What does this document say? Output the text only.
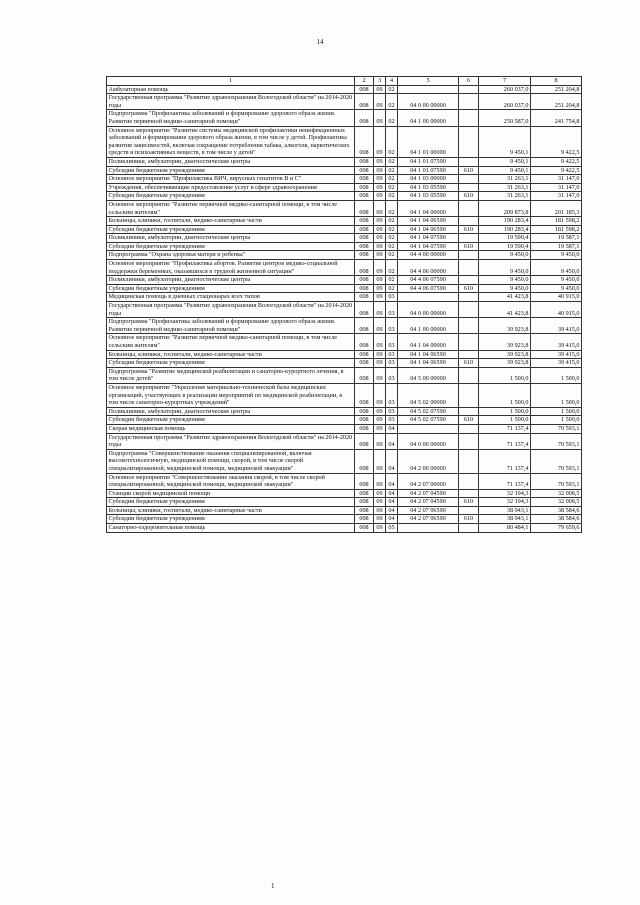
14
1	2	3	4	5	6	7	8
Амбулаторная помощь	008	09	02			260 037,0	251 204,8
Государственная программа "Развитие здравоохранения Вологодской области" на 2014-2020 годы	008	09	02	04 0 00 00000		260 037,0	251 204,8
Подпрограмма "Профилактика заболеваний и формирование здорового образа жизни. Развитие первичной медико-санитарной помощи"	008	09	02	04 1 00 00000		250 587,0	241 754,8
Основное мероприятие "Развитие системы медицинской профилактики неинфекционных заболеваний и формирования здорового образа жизни, в том числе у детей. Профилактика развития зависимостей, включая сокращение потребления табака, алкоголя, наркотических средств и психоактивных веществ, в том числе у детей"	008	09	02	04 1 01 00000		9 450,1	9 422,5
Поликлиники, амбулатории, диагностические центры	008	09	02	04 1 01 07590		9 450,1	9 422,5
Субсидии бюджетным учреждениям	008	09	02	04 1 01 07590	610	9 450,1	9 422,5
Основное мероприятие "Профилактика ВИЧ, вирусных гепатитов В и С"	008	09	02	04 1 03 00000		31 263,1	31 147,0
Учреждения, обеспечивающие предоставление услуг в сфере здравоохранения	008	09	02	04 1 03 05590		31 263,1	31 147,0
Субсидии бюджетным учреждениям	008	09	02	04 1 03 05590	610	31 263,1	31 147,0
Основное мероприятие "Развитие первичной медико-санитарной помощи, в том числе сельским жителям"	008	09	02	04 1 04 00000		209 873,8	201 185,3
Больницы, клиники, госпитали, медико-санитарные части	008	09	02	04 1 04 06590		190 283,4	181 598,2
Субсидии бюджетным учреждениям	008	09	02	04 1 04 06590	610	190 283,4	181 598,2
Поликлиники, амбулатории, диагностические центры	008	09	02	04 1 04 07590		19 590,4	19 587,1
Субсидии бюджетным учреждениям	008	09	02	04 1 04 07590	610	19 590,4	19 587,1
Подпрограмма "Охрана здоровья матери и ребенка"	008	09	02	04 4 00 00000		9 450,0	9 450,0
Основное мероприятие "Профилактика абортов. Развитие центров медико-социальной поддержки беременных, оказавшихся в трудной жизненной ситуации"	008	09	02	04 4 06 00000		9 450,0	9 450,0
Поликлиники, амбулатории, диагностические центры	008	09	02	04 4 06 07590		9 450,0	9 450,0
Субсидии бюджетным учреждениям	008	09	02	04 4 06 07590	610	9 450,0	9 450,0
Медицинская помощь в дневных стационарах всех типов	008	09	03			41 423,8	40 915,0
Государственная программа "Развитие здравоохранения Вологодской области" на 2014-2020 годы	008	09	03	04 0 00 00000		41 423,8	40 915,0
Подпрограмма "Профилактика заболеваний и формирование здорового образа жизни. Развитие первичной медико-санитарной помощи"	008	09	03	04 1 00 00000		39 923,8	39 415,0
Основное мероприятие "Развитие первичной медико-санитарной помощи, в том числе сельским жителям"	008	09	03	04 1 04 00000		39 923,8	39 415,0
Больницы, клиники, госпитали, медико-санитарные части	008	09	03	04 1 04 06590		39 923,8	39 415,0
Субсидии бюджетным учреждениям	008	09	03	04 1 04 06590	610	39 923,8	39 415,0
Подпрограмма "Развитие медицинской реабилитации и санаторно-курортного лечения, в том числе детей"	008	09	03	04 5 00 00000		1 500,0	1 500,0
Основное мероприятие "Укрепление материально-технической базы медицинских организаций, участвующих в реализации мероприятий по медицинской реабилитации, в том числе санаторно-курортных учреждений"	008	09	03	04 5 02 00000		1 500,0	1 500,0
Поликлиники, амбулатории, диагностические центры	008	09	03	04 5 02 07590		1 500,0	1 500,0
Субсидии бюджетным учреждениям	008	09	03	04 5 02 07590	610	1 500,0	1 500,0
Скорая медицинская помощь	008	09	04			71 137,4	70 593,1
Государственная программа "Развитие здравоохранения Вологодской области" на 2014-2020 годы	008	09	04	04 0 00 00000		71 137,4	70 593,1
Подпрограмма "Совершенствование оказания специализированной, включая высокотехнологичную, медицинской помощи, скорой, в том числе скорой специализированной, медицинской помощи, медицинской эвакуации"	008	09	04	04 2 00 00000		71 137,4	70 593,1
Основное мероприятие "Совершенствование оказания скорой, в том числе скорой специализированной, медицинской помощи, медицинской эвакуации"	008	09	04	04 2 07 00000		71 137,4	70 593,1
Станции скорой медицинской помощи	008	09	04	04 2 07 04590		32 194,3	32 008,5
Субсидии бюджетным учреждениям	008	09	04	04 2 07 04590	610	32 194,3	32 008,5
Больницы, клиники, госпитали, медико-санитарные части	008	09	04	04 2 07 06590		38 943,1	38 584,6
Субсидии бюджетным учреждениям	008	09	04	04 2 07 06590	610	38 943,1	38 584,6
Санаторно-оздоровительная помощь	008	09	05			80 484,1	79 659,6
1
